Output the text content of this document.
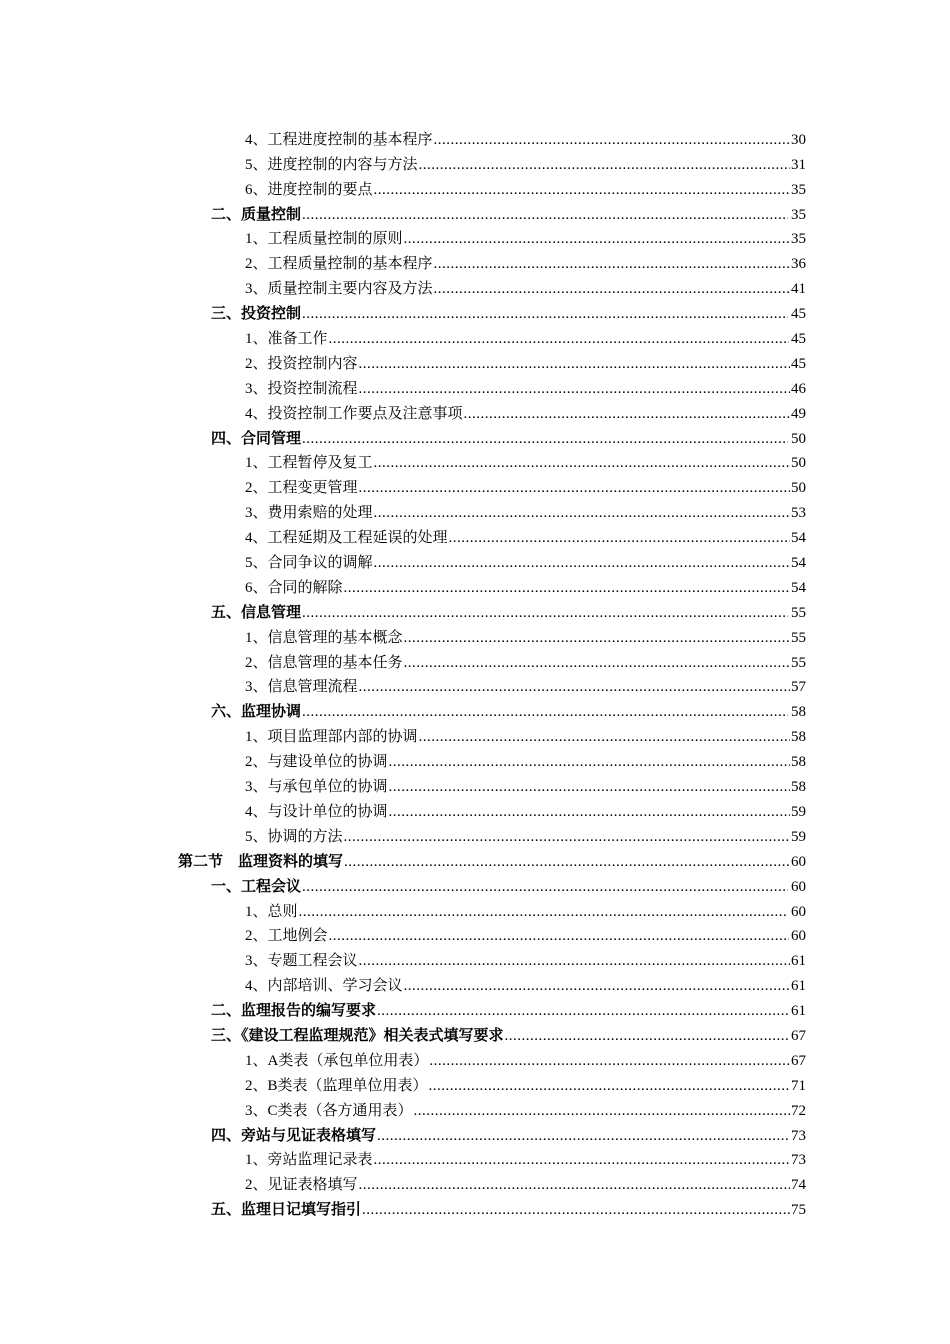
4、工程进度控制的基本程序 .....	30
5、进度控制的内容与方法 .....	31
6、进度控制的要点 .....	35
二、质量控制 .....	35
1、工程质量控制的原则 .....	35
2、工程质量控制的基本程序 .....	36
3、质量控制主要内容及方法 .....	41
三、投资控制 .....	45
1、准备工作 .....	45
2、投资控制内容 .....	45
3、投资控制流程 .....	46
4、投资控制工作要点及注意事项 .....	49
四、合同管理 .....	50
1、工程暂停及复工 .....	50
2、工程变更管理 .....	50
3、费用索赔的处理 .....	53
4、工程延期及工程延误的处理 .....	54
5、合同争议的调解 .....	54
6、合同的解除 .....	54
五、信息管理 .....	55
1、信息管理的基本概念 .....	55
2、信息管理的基本任务 .....	55
3、信息管理流程 .....	57
六、监理协调 .....	58
1、项目监理部内部的协调 .....	58
2、与建设单位的协调 .....	58
3、与承包单位的协调 .....	58
4、与设计单位的协调 .....	59
5、协调的方法 .....	59
第二节　监理资料的填写 .....	60
一、工程会议 .....	60
1、总则 .....	60
2、工地例会 .....	60
3、专题工程会议 .....	61
4、内部培训、学习会议 .....	61
二、监理报告的编写要求 .....	61
三、《建设工程监理规范》相关表式填写要求 .....	67
1、A类表（承包单位用表） .....	67
2、B类表（监理单位用表） .....	71
3、C类表（各方通用表） .....	72
四、旁站与见证表格填写 .....	73
1、旁站监理记录表 .....	73
2、见证表格填写 .....	74
五、监理日记填写指引 .....	75
